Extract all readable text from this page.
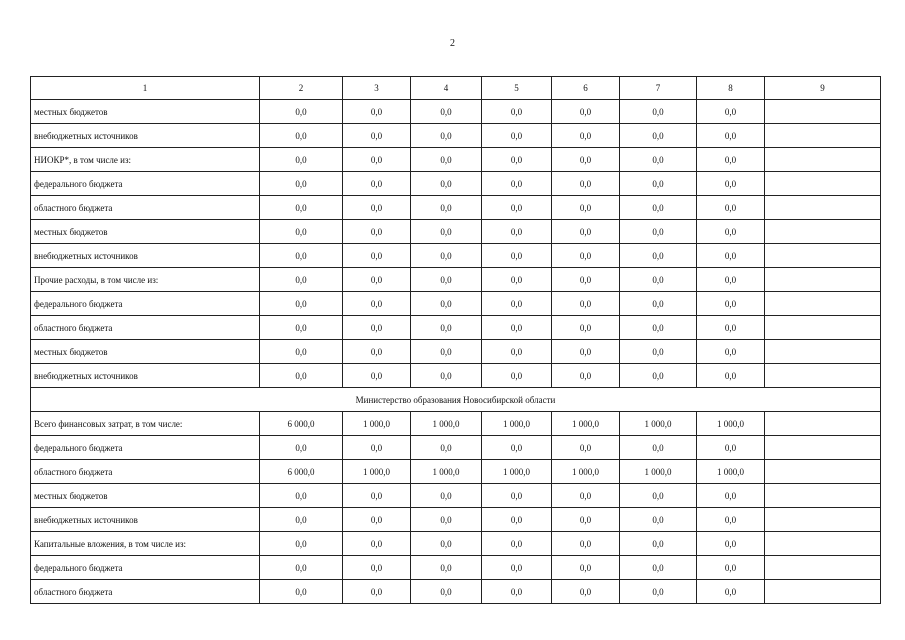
2
1	2	3	4	5	6	7	8	9
местных бюджетов	0,0	0,0	0,0	0,0	0,0	0,0	0,0	
внебюджетных источников	0,0	0,0	0,0	0,0	0,0	0,0	0,0	
НИОКР*, в том числе из:	0,0	0,0	0,0	0,0	0,0	0,0	0,0	
федерального бюджета	0,0	0,0	0,0	0,0	0,0	0,0	0,0	
областного бюджета	0,0	0,0	0,0	0,0	0,0	0,0	0,0	
местных бюджетов	0,0	0,0	0,0	0,0	0,0	0,0	0,0	
внебюджетных источников	0,0	0,0	0,0	0,0	0,0	0,0	0,0	
Прочие расходы, в том числе из:	0,0	0,0	0,0	0,0	0,0	0,0	0,0	
федерального бюджета	0,0	0,0	0,0	0,0	0,0	0,0	0,0	
областного бюджета	0,0	0,0	0,0	0,0	0,0	0,0	0,0	
местных бюджетов	0,0	0,0	0,0	0,0	0,0	0,0	0,0	
внебюджетных источников	0,0	0,0	0,0	0,0	0,0	0,0	0,0	
Министерство образования Новосибирской области								
Всего финансовых затрат, в том числе:	6 000,0	1 000,0	1 000,0	1 000,0	1 000,0	1 000,0	1 000,0	
федерального бюджета	0,0	0,0	0,0	0,0	0,0	0,0	0,0	
областного бюджета	6 000,0	1 000,0	1 000,0	1 000,0	1 000,0	1 000,0	1 000,0	
местных бюджетов	0,0	0,0	0,0	0,0	0,0	0,0	0,0	
внебюджетных источников	0,0	0,0	0,0	0,0	0,0	0,0	0,0	
Капитальные вложения, в том числе из:	0,0	0,0	0,0	0,0	0,0	0,0	0,0	
федерального бюджета	0,0	0,0	0,0	0,0	0,0	0,0	0,0	
областного бюджета	0,0	0,0	0,0	0,0	0,0	0,0	0,0	
